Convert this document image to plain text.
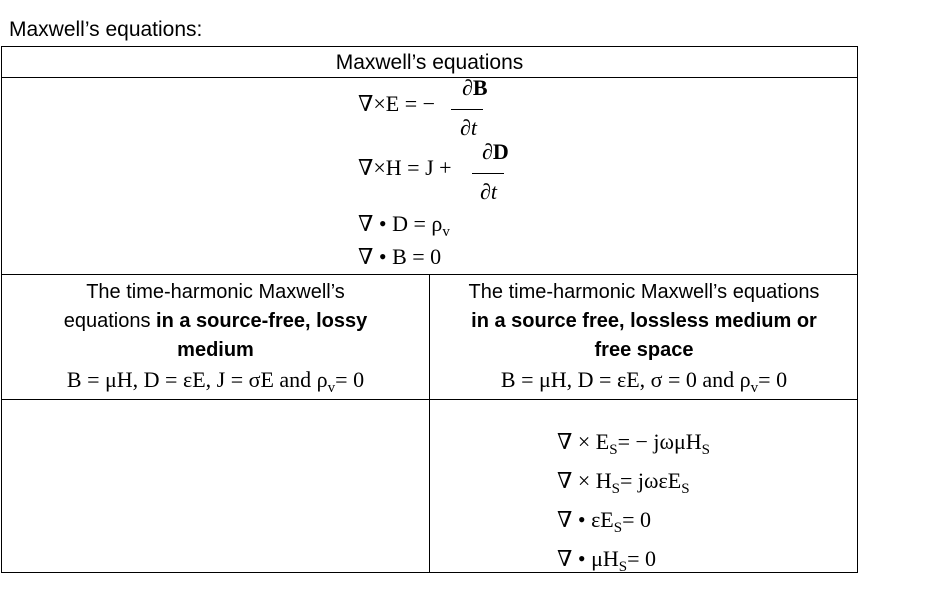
Maxwell’s equations:
Maxwell’s equations
∇×E = −
∂B
∂t
∇×H = J +
∂D
∂t
∇ • $D = \rho_v$
∇ • B = 0
The time-harmonic Maxwell’s
equations in a source-free, lossy
medium
B = μH, D = εE, J = σE and $\rho_v= 0$
The time-harmonic Maxwell’s equations
in a source free, lossless medium or
free space
B = μH, D = εE, σ = 0 and $\rho_v= 0$
∇ × $E_S= - j\omega\mu H_S$
∇ × $H_S= j\omega\varepsilon E_S$
∇ • $\varepsilon E_S= 0$
∇ • $\mu H_S= 0$
